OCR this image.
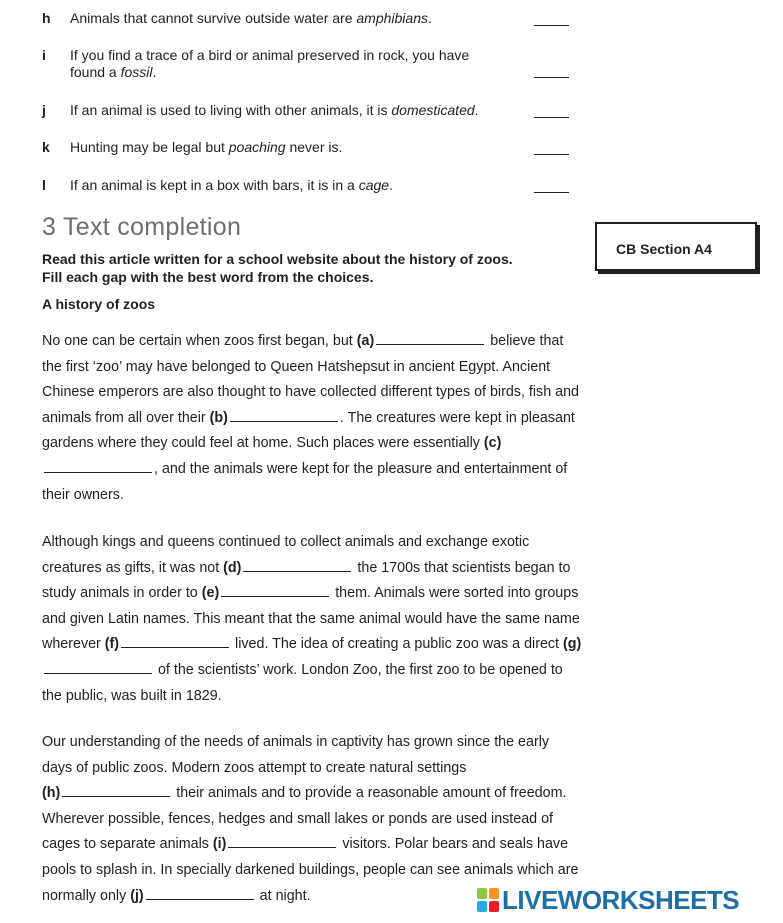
h Animals that cannot survive outside water are amphibians.
i If you find a trace of a bird or animal preserved in rock, you have
found a fossil.
j If an animal is used to living with other animals, it is domesticated.
k Hunting may be legal but poaching never is.
l If an animal is kept in a box with bars, it is in a cage.
3 Text completion
Read this article written for a school website about the history of zoos.
Fill each gap with the best word from the choices.
A history of zoos
CB Section A4
No one can be certain when zoos first began, but (a)	believe that the first ‘zoo’ may have belonged to Queen Hatshepsut in ancient Egypt. Ancient Chinese emperors are also thought to have collected different types of birds, fish and animals from all over their (b)	. The creatures were kept in pleasant gardens where they could feel at home. Such places were essentially (c), and the animals were kept for the pleasure and entertainment of their owners.
Although kings and queens continued to collect animals and exchange exotic creatures as gifts, it was not (d)	the 1700s that scientists began to study animals in order to (e)	them. Animals were sorted into groups and given Latin names. This meant that the same animal would have the same name wherever (f)	lived. The idea of creating a public zoo was a direct (g) of the scientists’ work. London Zoo, the first zoo to be opened to the public, was built in 1829.
Our understanding of the needs of animals in captivity has grown since the early days of public zoos. Modern zoos attempt to create natural settings
(h)	their animals and to provide a reasonable amount of freedom. Wherever possible, fences, hedges and small lakes or ponds are used instead of cages to separate animals (i)	visitors. Polar bears and seals have pools to splash in. In specially darkened buildings, people can see animals which are normally only (j)	at night.	LIVEWORKSHEETS
